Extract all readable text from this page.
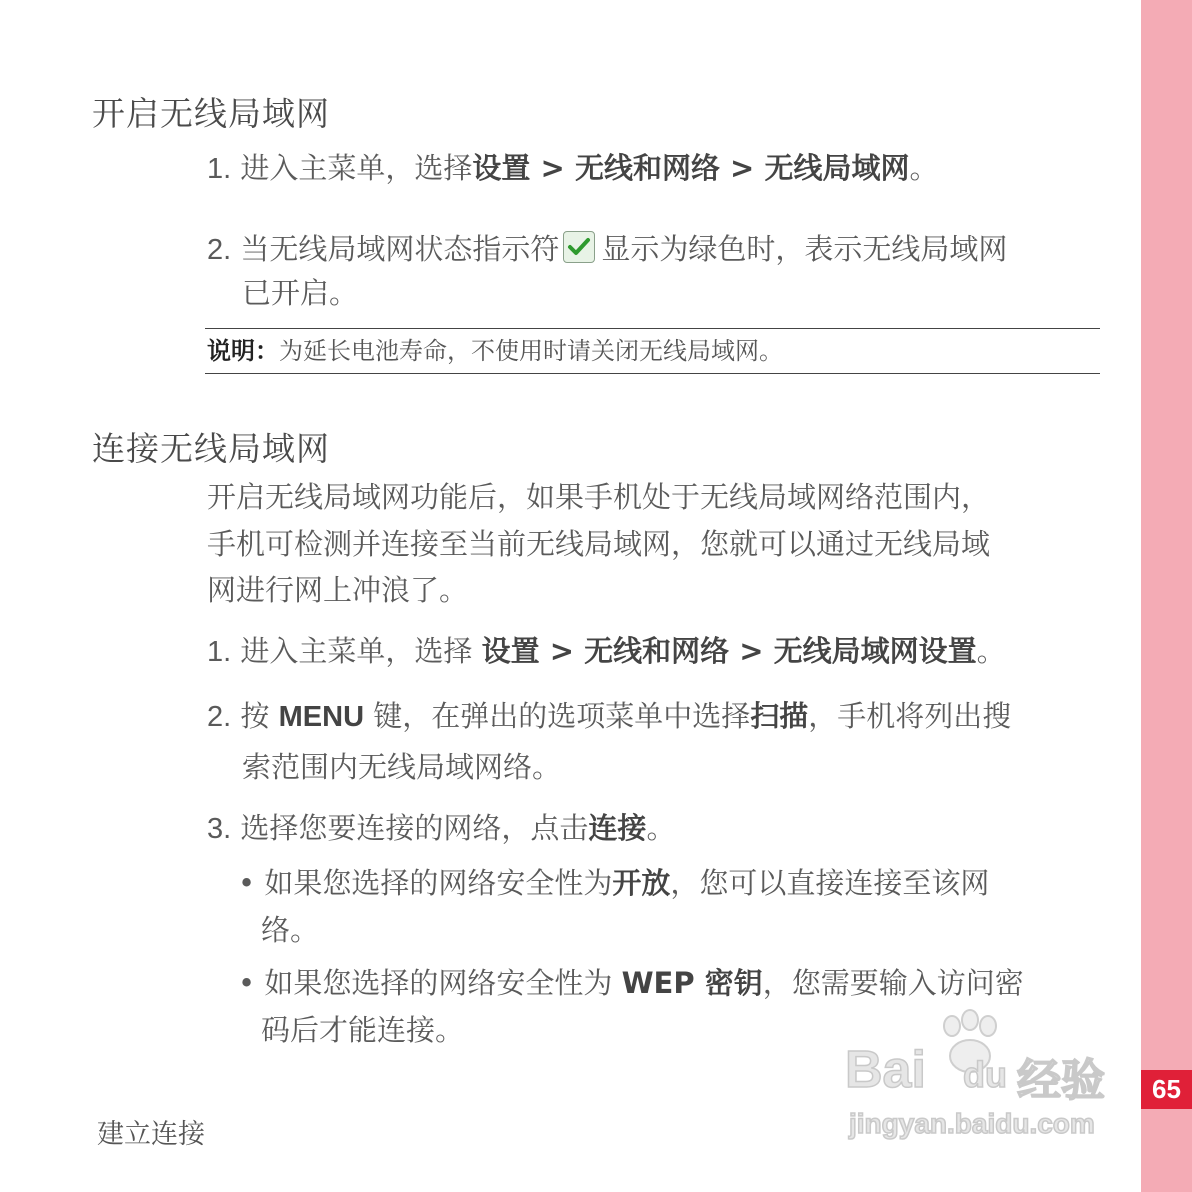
65
开启无线局域网
1. 进入主菜单，选择设置 > 无线和网络 > 无线局域网。
2. 当无线局域网状态指示符 显示为绿色时，表示无线局域网
已开启。
说明：为延长电池寿命，不使用时请关闭无线局域网。
连接无线局域网
开启无线局域网功能后，如果手机处于无线局域网络范围内，
手机可检测并连接至当前无线局域网，您就可以通过无线局域
网进行网上冲浪了。
1. 进入主菜单，选择 设置 > 无线和网络 > 无线局域网设置。
2. 按 MENU 键，在弹出的选项菜单中选择扫描，手机将列出搜
索范围内无线局域网络。
3. 选择您要连接的网络，点击连接。
• 如果您选择的网络安全性为开放，您可以直接连接至该网
络。
• 如果您选择的网络安全性为 WEP 密钥，您需要输入访问密
码后才能连接。
建立连接
Bai du 经验
jingyan.baidu.com
